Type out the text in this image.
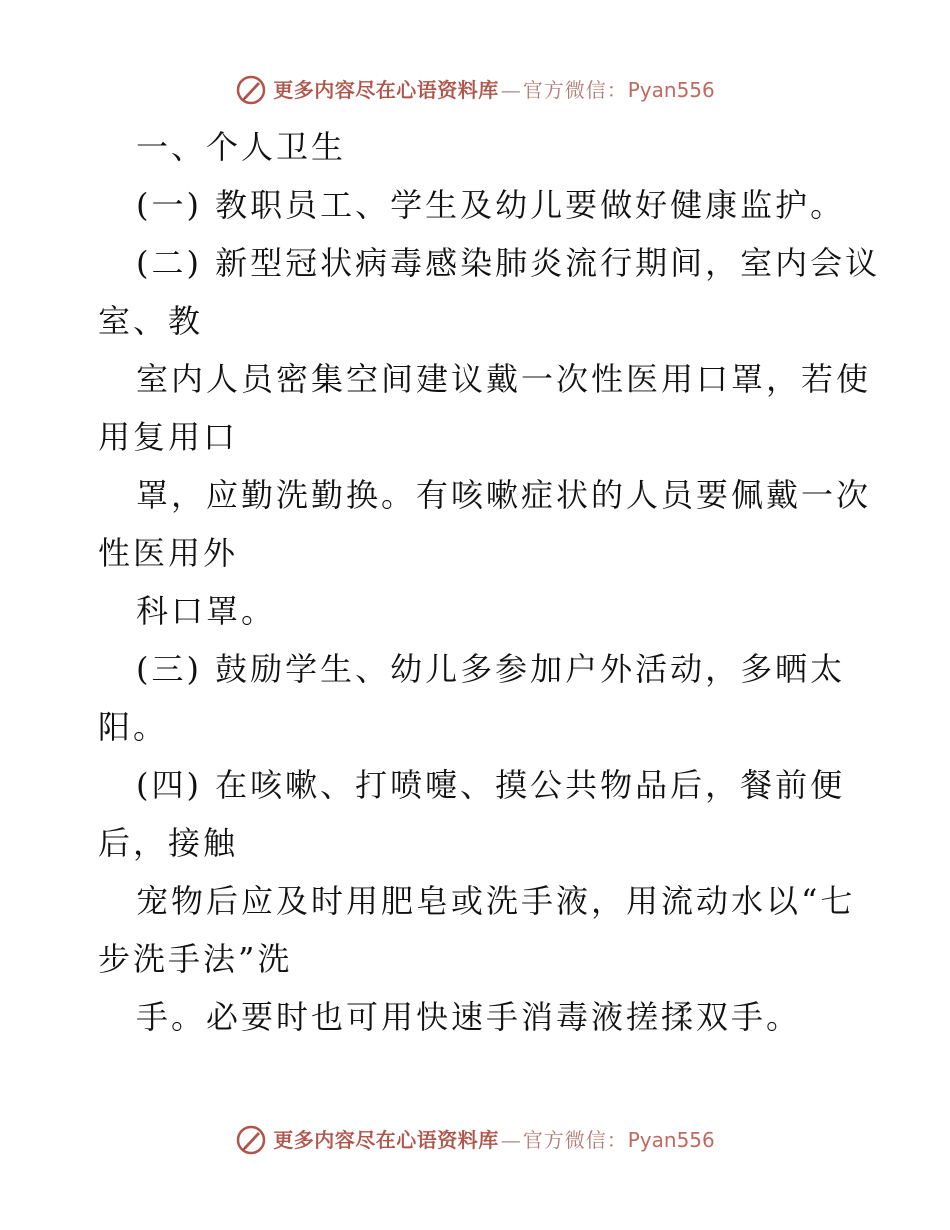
更多内容尽在心语资料库 — 官方微信： Pyan556
一、个人卫生
(一) 教职员工、学生及幼儿要做好健康监护。
(二) 新型冠状病毒感染肺炎流行期间，室内会议
室、教
室内人员密集空间建议戴一次性医用口罩，若使
用复用口
罩，应勤洗勤换。有咳嗽症状的人员要佩戴一次
性医用外
科口罩。
(三) 鼓励学生、幼儿多参加户外活动，多晒太
阳。
(四) 在咳嗽、打喷嚏、摸公共物品后，餐前便
后，接触
宠物后应及时用肥皂或洗手液，用流动水以“七
步洗手法”洗
手。必要时也可用快速手消毒液搓揉双手。
更多内容尽在心语资料库 — 官方微信： Pyan556
